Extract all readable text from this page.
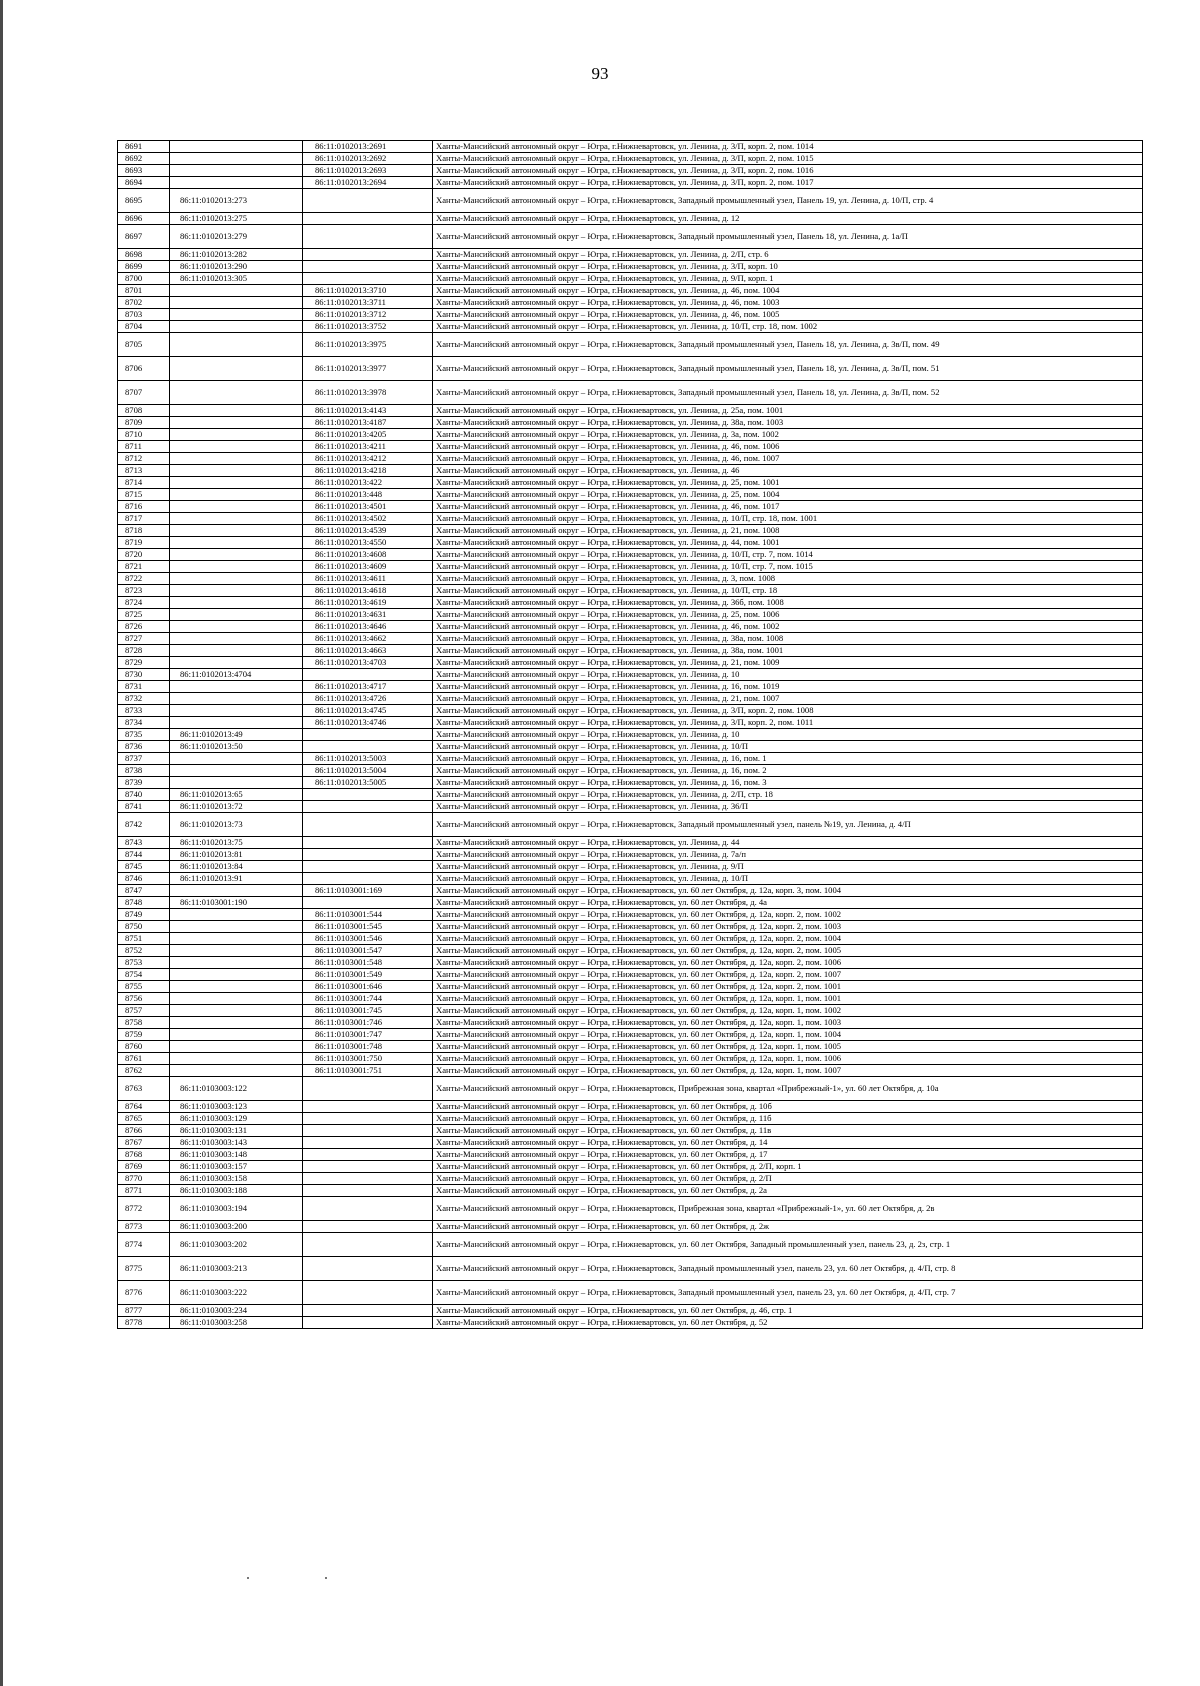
93
8691		86:11:0102013:2691	Ханты-Мансийский автономный округ – Югра, г.Нижневартовск, ул. Ленина, д. 3/П, корп. 2, пом. 1014
8692		86:11:0102013:2692	Ханты-Мансийский автономный округ – Югра, г.Нижневартовск, ул. Ленина, д. 3/П, корп. 2, пом. 1015
8693		86:11:0102013:2693	Ханты-Мансийский автономный округ – Югра, г.Нижневартовск, ул. Ленина, д. 3/П, корп. 2, пом. 1016
8694		86:11:0102013:2694	Ханты-Мансийский автономный округ – Югра, г.Нижневартовск, ул. Ленина, д. 3/П, корп. 2, пом. 1017
8695	86:11:0102013:273		Ханты-Мансийский автономный округ – Югра, г.Нижневартовск, Западный промышленный узел, Панель 19, ул. Ленина, д. 10/П, стр. 4
8696	86:11:0102013:275		Ханты-Мансийский автономный округ – Югра, г.Нижневартовск, ул. Ленина, д. 12
8697	86:11:0102013:279		Ханты-Мансийский автономный округ – Югра, г.Нижневартовск, Западный промышленный узел, Панель 18, ул. Ленина, д. 1а/П
8698	86:11:0102013:282		Ханты-Мансийский автономный округ – Югра, г.Нижневартовск, ул. Ленина, д. 2/П, стр. 6
8699	86:11:0102013:290		Ханты-Мансийский автономный округ – Югра, г.Нижневартовск, ул. Ленина, д. 3/П, корп. 10
8700	86:11:0102013:305		Ханты-Мансийский автономный округ – Югра, г.Нижневартовск, ул. Ленина, д. 9/П, корп. 1
8701		86:11:0102013:3710	Ханты-Мансийский автономный округ – Югра, г.Нижневартовск, ул. Ленина, д. 46, пом. 1004
8702		86:11:0102013:3711	Ханты-Мансийский автономный округ – Югра, г.Нижневартовск, ул. Ленина, д. 46, пом. 1003
8703		86:11:0102013:3712	Ханты-Мансийский автономный округ – Югра, г.Нижневартовск, ул. Ленина, д. 46, пом. 1005
8704		86:11:0102013:3752	Ханты-Мансийский автономный округ – Югра, г.Нижневартовск, ул. Ленина, д. 10/П, стр. 18, пом. 1002
8705		86:11:0102013:3975	Ханты-Мансийский автономный округ – Югра, г.Нижневартовск, Западный промышленный узел, Панель 18, ул. Ленина, д. 3в/П, пом. 49
8706		86:11:0102013:3977	Ханты-Мансийский автономный округ – Югра, г.Нижневартовск, Западный промышленный узел, Панель 18, ул. Ленина, д. 3в/П, пом. 51
8707		86:11:0102013:3978	Ханты-Мансийский автономный округ – Югра, г.Нижневартовск, Западный промышленный узел, Панель 18, ул. Ленина, д. 3в/П, пом. 52
8708		86:11:0102013:4143	Ханты-Мансийский автономный округ – Югра, г.Нижневартовск, ул. Ленина, д. 25а, пом. 1001
8709		86:11:0102013:4187	Ханты-Мансийский автономный округ – Югра, г.Нижневартовск, ул. Ленина, д. 38а, пом. 1003
8710		86:11:0102013:4205	Ханты-Мансийский автономный округ – Югра, г.Нижневартовск, ул. Ленина, д. 3а, пом. 1002
8711		86:11:0102013:4211	Ханты-Мансийский автономный округ – Югра, г.Нижневартовск, ул. Ленина, д. 46, пом. 1006
8712		86:11:0102013:4212	Ханты-Мансийский автономный округ – Югра, г.Нижневартовск, ул. Ленина, д. 46, пом. 1007
8713		86:11:0102013:4218	Ханты-Мансийский автономный округ – Югра, г.Нижневартовск, ул. Ленина, д. 46
8714		86:11:0102013:422	Ханты-Мансийский автономный округ – Югра, г.Нижневартовск, ул. Ленина, д. 25, пом. 1001
8715		86:11:0102013:448	Ханты-Мансийский автономный округ – Югра, г.Нижневартовск, ул. Ленина, д. 25, пом. 1004
8716		86:11:0102013:4501	Ханты-Мансийский автономный округ – Югра, г.Нижневартовск, ул. Ленина, д. 46, пом. 1017
8717		86:11:0102013:4502	Ханты-Мансийский автономный округ – Югра, г.Нижневартовск, ул. Ленина, д. 10/П, стр. 18, пом. 1001
8718		86:11:0102013:4539	Ханты-Мансийский автономный округ – Югра, г.Нижневартовск, ул. Ленина, д. 21, пом. 1008
8719		86:11:0102013:4550	Ханты-Мансийский автономный округ – Югра, г.Нижневартовск, ул. Ленина, д. 44, пом. 1001
8720		86:11:0102013:4608	Ханты-Мансийский автономный округ – Югра, г.Нижневартовск, ул. Ленина, д. 10/П, стр. 7, пом. 1014
8721		86:11:0102013:4609	Ханты-Мансийский автономный округ – Югра, г.Нижневартовск, ул. Ленина, д. 10/П, стр. 7, пом. 1015
8722		86:11:0102013:4611	Ханты-Мансийский автономный округ – Югра, г.Нижневартовск, ул. Ленина, д. 3, пом. 1008
8723		86:11:0102013:4618	Ханты-Мансийский автономный округ – Югра, г.Нижневартовск, ул. Ленина, д. 10/П, стр. 18
8724		86:11:0102013:4619	Ханты-Мансийский автономный округ – Югра, г.Нижневартовск, ул. Ленина, д. 36б, пом. 1008
8725		86:11:0102013:4631	Ханты-Мансийский автономный округ – Югра, г.Нижневартовск, ул. Ленина, д. 25, пом. 1006
8726		86:11:0102013:4646	Ханты-Мансийский автономный округ – Югра, г.Нижневартовск, ул. Ленина, д. 46, пом. 1002
8727		86:11:0102013:4662	Ханты-Мансийский автономный округ – Югра, г.Нижневартовск, ул. Ленина, д. 38а, пом. 1008
8728		86:11:0102013:4663	Ханты-Мансийский автономный округ – Югра, г.Нижневартовск, ул. Ленина, д. 38а, пом. 1001
8729		86:11:0102013:4703	Ханты-Мансийский автономный округ – Югра, г.Нижневартовск, ул. Ленина, д. 21, пом. 1009
8730	86:11:0102013:4704		Ханты-Мансийский автономный округ – Югра, г.Нижневартовск, ул. Ленина, д. 10
8731		86:11:0102013:4717	Ханты-Мансийский автономный округ – Югра, г.Нижневартовск, ул. Ленина, д. 16, пом. 1019
8732		86:11:0102013:4726	Ханты-Мансийский автономный округ – Югра, г.Нижневартовск, ул. Ленина, д. 21, пом. 1007
8733		86:11:0102013:4745	Ханты-Мансийский автономный округ – Югра, г.Нижневартовск, ул. Ленина, д. 3/П, корп. 2, пом. 1008
8734		86:11:0102013:4746	Ханты-Мансийский автономный округ – Югра, г.Нижневартовск, ул. Ленина, д. 3/П, корп. 2, пом. 1011
8735	86:11:0102013:49		Ханты-Мансийский автономный округ – Югра, г.Нижневартовск, ул. Ленина, д. 10
8736	86:11:0102013:50		Ханты-Мансийский автономный округ – Югра, г.Нижневартовск, ул. Ленина, д. 10/П
8737		86:11:0102013:5003	Ханты-Мансийский автономный округ – Югра, г.Нижневартовск, ул. Ленина, д. 16, пом. 1
8738		86:11:0102013:5004	Ханты-Мансийский автономный округ – Югра, г.Нижневартовск, ул. Ленина, д. 16, пом. 2
8739		86:11:0102013:5005	Ханты-Мансийский автономный округ – Югра, г.Нижневартовск, ул. Ленина, д. 16, пом. 3
8740	86:11:0102013:65		Ханты-Мансийский автономный округ – Югра, г.Нижневартовск, ул. Ленина, д. 2/П, стр. 18
8741	86:11:0102013:72		Ханты-Мансийский автономный округ – Югра, г.Нижневартовск, ул. Ленина, д. 36/П
8742	86:11:0102013:73		Ханты-Мансийский автономный округ – Югра, г.Нижневартовск, Западный промышленный узел, панель №19, ул. Ленина, д. 4/П
8743	86:11:0102013:75		Ханты-Мансийский автономный округ – Югра, г.Нижневартовск, ул. Ленина, д. 44
8744	86:11:0102013:81		Ханты-Мансийский автономный округ – Югра, г.Нижневартовск, ул. Ленина, д. 7а/п
8745	86:11:0102013:84		Ханты-Мансийский автономный округ – Югра, г.Нижневартовск, ул. Ленина, д. 9/П
8746	86:11:0102013:91		Ханты-Мансийский автономный округ – Югра, г.Нижневартовск, ул. Ленина, д. 10/П
8747		86:11:0103001:169	Ханты-Мансийский автономный округ – Югра, г.Нижневартовск, ул. 60 лет Октября, д. 12а, корп. 3, пом. 1004
8748	86:11:0103001:190		Ханты-Мансийский автономный округ – Югра, г.Нижневартовск, ул. 60 лет Октября, д. 4а
8749		86:11:0103001:544	Ханты-Мансийский автономный округ – Югра, г.Нижневартовск, ул. 60 лет Октября, д. 12а, корп. 2, пом. 1002
8750		86:11:0103001:545	Ханты-Мансийский автономный округ – Югра, г.Нижневартовск, ул. 60 лет Октября, д. 12а, корп. 2, пом. 1003
8751		86:11:0103001:546	Ханты-Мансийский автономный округ – Югра, г.Нижневартовск, ул. 60 лет Октября, д. 12а, корп. 2, пом. 1004
8752		86:11:0103001:547	Ханты-Мансийский автономный округ – Югра, г.Нижневартовск, ул. 60 лет Октября, д. 12а, корп. 2, пом. 1005
8753		86:11:0103001:548	Ханты-Мансийский автономный округ – Югра, г.Нижневартовск, ул. 60 лет Октября, д. 12а, корп. 2, пом. 1006
8754		86:11:0103001:549	Ханты-Мансийский автономный округ – Югра, г.Нижневартовск, ул. 60 лет Октября, д. 12а, корп. 2, пом. 1007
8755		86:11:0103001:646	Ханты-Мансийский автономный округ – Югра, г.Нижневартовск, ул. 60 лет Октября, д. 12а, корп. 2, пом. 1001
8756		86:11:0103001:744	Ханты-Мансийский автономный округ – Югра, г.Нижневартовск, ул. 60 лет Октября, д. 12а, корп. 1, пом. 1001
8757		86:11:0103001:745	Ханты-Мансийский автономный округ – Югра, г.Нижневартовск, ул. 60 лет Октября, д. 12а, корп. 1, пом. 1002
8758		86:11:0103001:746	Ханты-Мансийский автономный округ – Югра, г.Нижневартовск, ул. 60 лет Октября, д. 12а, корп. 1, пом. 1003
8759		86:11:0103001:747	Ханты-Мансийский автономный округ – Югра, г.Нижневартовск, ул. 60 лет Октября, д. 12а, корп. 1, пом. 1004
8760		86:11:0103001:748	Ханты-Мансийский автономный округ – Югра, г.Нижневартовск, ул. 60 лет Октября, д. 12а, корп. 1, пом. 1005
8761		86:11:0103001:750	Ханты-Мансийский автономный округ – Югра, г.Нижневартовск, ул. 60 лет Октября, д. 12а, корп. 1, пом. 1006
8762		86:11:0103001:751	Ханты-Мансийский автономный округ – Югра, г.Нижневартовск, ул. 60 лет Октября, д. 12а, корп. 1, пом. 1007
8763	86:11:0103003:122		Ханты-Мансийский автономный округ – Югра, г.Нижневартовск, Прибрежная зона, квартал «Прибрежный-1», ул. 60 лет Октября, д. 10а
8764	86:11:0103003:123		Ханты-Мансийский автономный округ – Югра, г.Нижневартовск, ул. 60 лет Октября, д. 10б
8765	86:11:0103003:129		Ханты-Мансийский автономный округ – Югра, г.Нижневартовск, ул. 60 лет Октября, д. 11б
8766	86:11:0103003:131		Ханты-Мансийский автономный округ – Югра, г.Нижневартовск, ул. 60 лет Октября, д. 11в
8767	86:11:0103003:143		Ханты-Мансийский автономный округ – Югра, г.Нижневартовск, ул. 60 лет Октября, д. 14
8768	86:11:0103003:148		Ханты-Мансийский автономный округ – Югра, г.Нижневартовск, ул. 60 лет Октября, д. 17
8769	86:11:0103003:157		Ханты-Мансийский автономный округ – Югра, г.Нижневартовск, ул. 60 лет Октября, д. 2/П, корп. 1
8770	86:11:0103003:158		Ханты-Мансийский автономный округ – Югра, г.Нижневартовск, ул. 60 лет Октября, д. 2/П
8771	86:11:0103003:188		Ханты-Мансийский автономный округ – Югра, г.Нижневартовск, ул. 60 лет Октября, д. 2а
8772	86:11:0103003:194		Ханты-Мансийский автономный округ – Югра, г.Нижневартовск, Прибрежная зона, квартал «Прибрежный-1», ул. 60 лет Октября, д. 2в
8773	86:11:0103003:200		Ханты-Мансийский автономный округ – Югра, г.Нижневартовск, ул. 60 лет Октября, д. 2ж
8774	86:11:0103003:202		Ханты-Мансийский автономный округ – Югра, г.Нижневартовск, ул. 60 лет Октября, Западный промышленный узел, панель 23, д. 2з, стр. 1
8775	86:11:0103003:213		Ханты-Мансийский автономный округ – Югра, г.Нижневартовск, Западный промышленный узел, панель 23, ул. 60 лет Октября, д. 4/П, стр. 8
8776	86:11:0103003:222		Ханты-Мансийский автономный округ – Югра, г.Нижневартовск, Западный промышленный узел, панель 23, ул. 60 лет Октября, д. 4/П, стр. 7
8777	86:11:0103003:234		Ханты-Мансийский автономный округ – Югра, г.Нижневартовск, ул. 60 лет Октября, д. 46, стр. 1
8778	86:11:0103003:258		Ханты-Мансийский автономный округ – Югра, г.Нижневартовск, ул. 60 лет Октября, д. 52
